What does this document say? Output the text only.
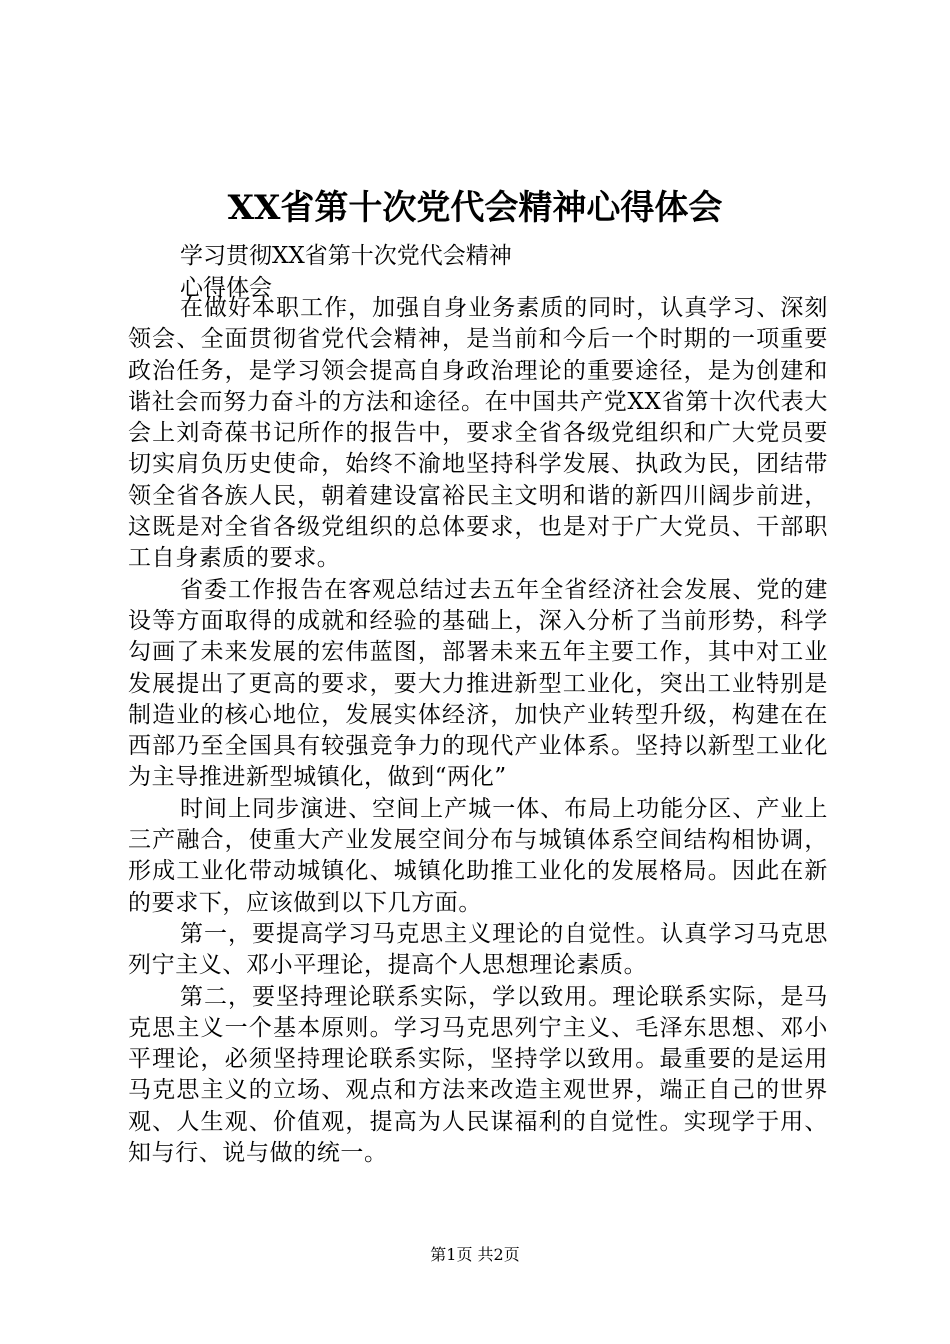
XX省第十次党代会精神心得体会
学习贯彻XX省第十次党代会精神
心得体会

在做好本职工作，加强自身业务素质的同时，认真学习、深刻领会、全面贯彻省党代会精神，是当前和今后一个时期的一项重要政治任务，是学习领会提高自身政治理论的重要途径，是为创建和谐社会而努力奋斗的方法和途径。在中国共产党XX省第十次代表大会上刘奇葆书记所作的报告中，要求全省各级党组织和广大党员要切实肩负历史使命，始终不渝地坚持科学发展、执政为民，团结带领全省各族人民，朝着建设富裕民主文明和谐的新四川阔步前进，这既是对全省各级党组织的总体要求，也是对于广大党员、干部职工自身素质的要求。

省委工作报告在客观总结过去五年全省经济社会发展、党的建设等方面取得的成就和经验的基础上，深入分析了当前形势，科学勾画了未来发展的宏伟蓝图，部署未来五年主要工作，其中对工业发展提出了更高的要求，要大力推进新型工业化，突出工业特别是制造业的核心地位，发展实体经济，加快产业转型升级，构建在在西部乃至全国具有较强竞争力的现代产业体系。坚持以新型工业化为主导推进新型城镇化，做到“两化”

时间上同步演进、空间上产城一体、布局上功能分区、产业上三产融合，使重大产业发展空间分布与城镇体系空间结构相协调，形成工业化带动城镇化、城镇化助推工业化的发展格局。因此在新的要求下，应该做到以下几方面。

第一，要提高学习马克思主义理论的自觉性。认真学习马克思列宁主义、邓小平理论，提高个人思想理论素质。

第二，要坚持理论联系实际，学以致用。理论联系实际，是马克思主义一个基本原则。学习马克思列宁主义、毛泽东思想、邓小平理论，必须坚持理论联系实际，坚持学以致用。最重要的是运用马克思主义的立场、观点和方法来改造主观世界，端正自己的世界观、人生观、价值观，提高为人民谋福利的自觉性。实现学于用、知与行、说与做的统一。

第1页 共2页
